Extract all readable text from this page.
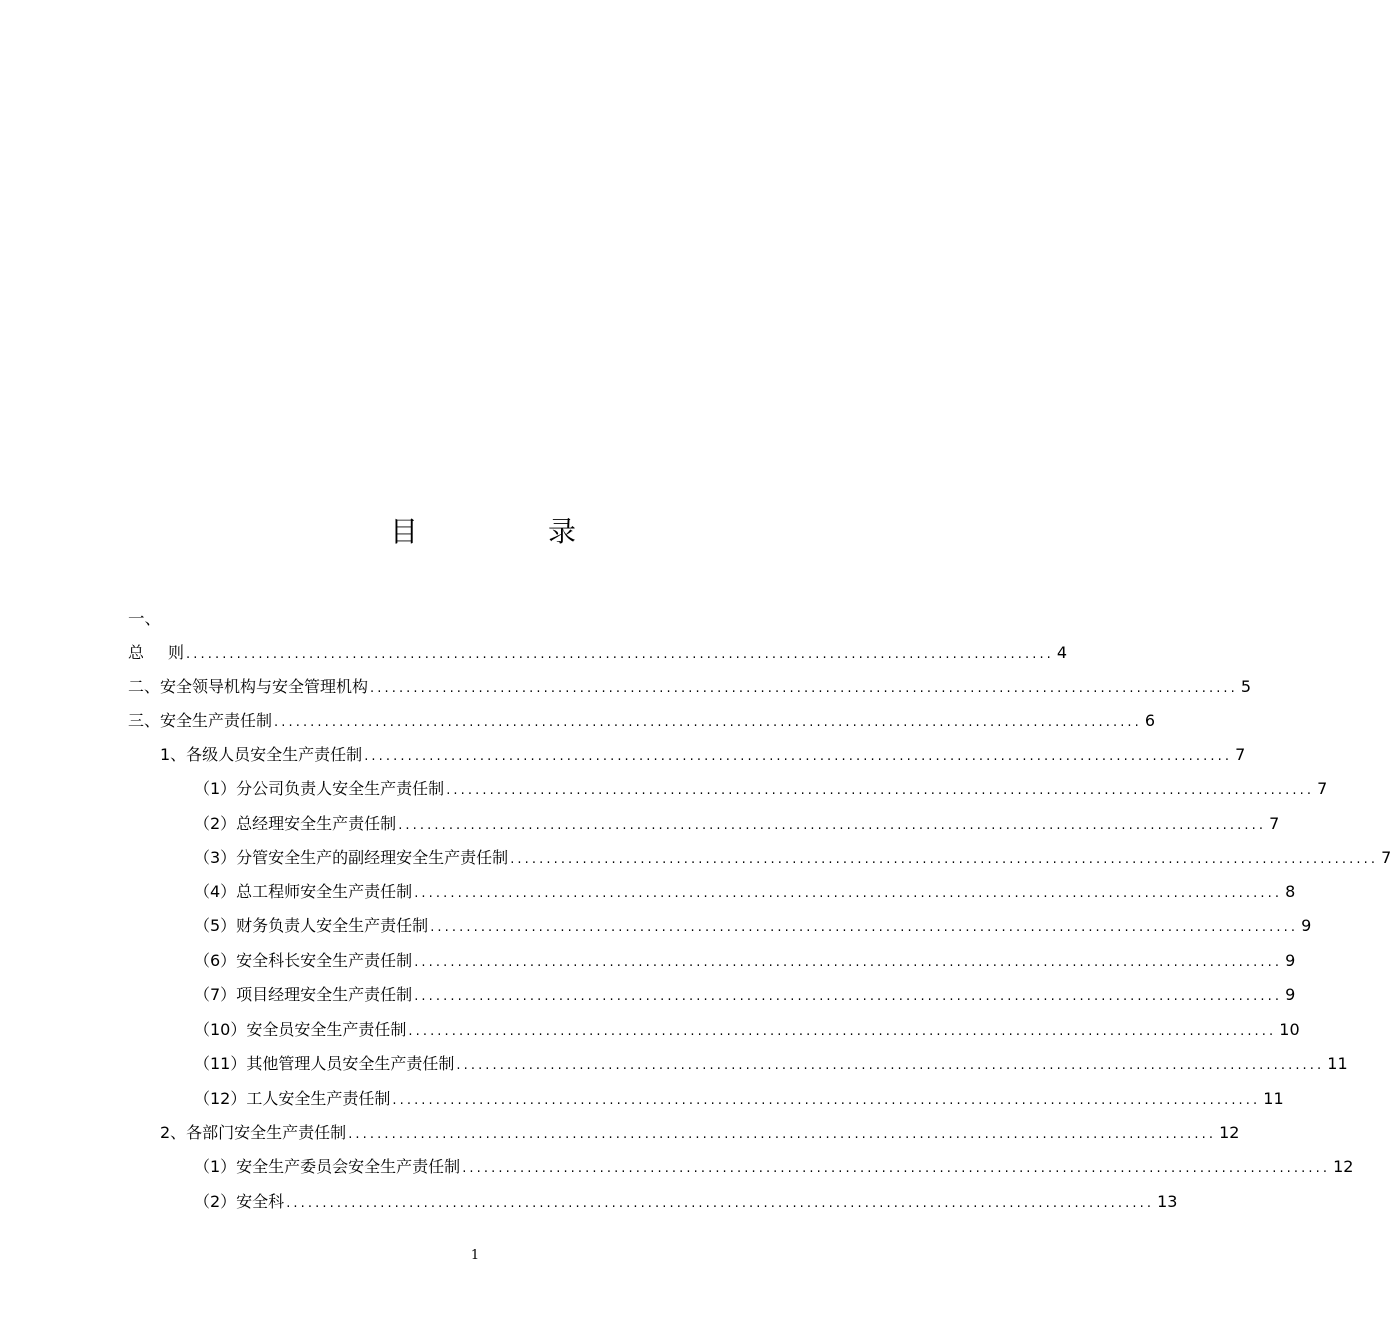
目	录
一、
总 则 ........................................................................................................................ 4
二、安全领导机构与安全管理机构 ........................................................................................................................ 5
三、安全生产责任制 ........................................................................................................................ 6
1、各级人员安全生产责任制 ........................................................................................................................ 7
（1）分公司负责人安全生产责任制 ........................................................................................................................ 7
（2）总经理安全生产责任制 ........................................................................................................................ 7
（3）分管安全生产的副经理安全生产责任制 ........................................................................................................................ 7
（4）总工程师安全生产责任制 ........................................................................................................................ 8
（5）财务负责人安全生产责任制 ........................................................................................................................ 9
（6）安全科长安全生产责任制 ........................................................................................................................ 9
（7）项目经理安全生产责任制 ........................................................................................................................ 9
（10）安全员安全生产责任制 ........................................................................................................................ 10
（11）其他管理人员安全生产责任制 ........................................................................................................................ 11
（12）工人安全生产责任制 ........................................................................................................................ 11
2、各部门安全生产责任制 ........................................................................................................................ 12
（1）安全生产委员会安全生产责任制 ........................................................................................................................ 12
（2）安全科 ........................................................................................................................ 13
1
